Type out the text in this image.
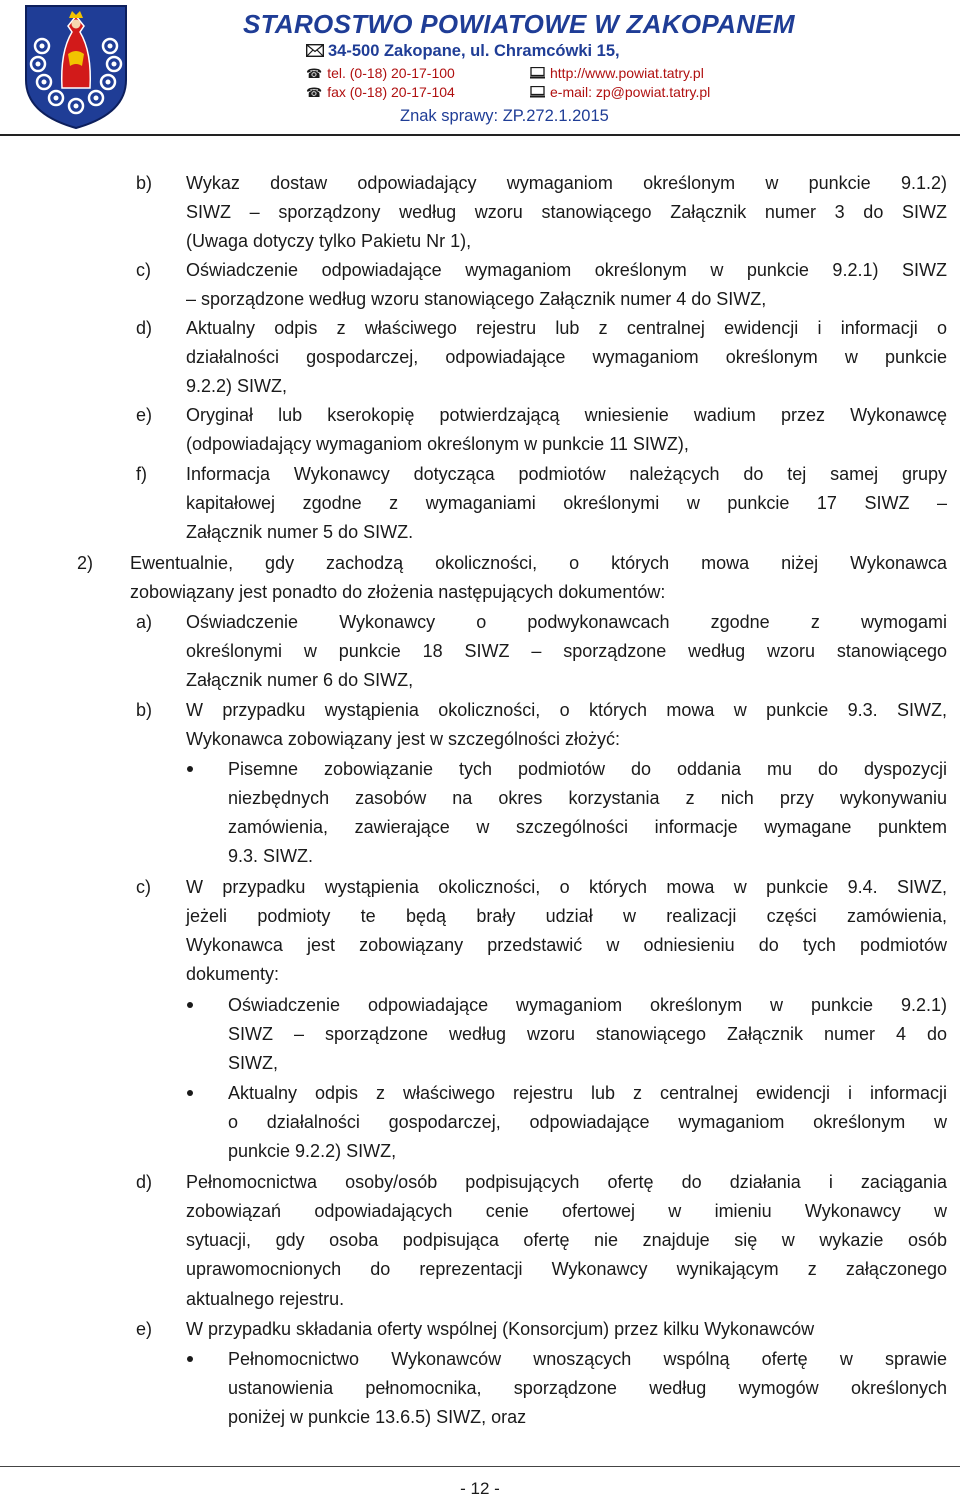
STAROSTWO POWIATOWE W ZAKOPANEM
34-500 Zakopane, ul. Chramcówki 15,
☎ tel. (0-18) 20-17-100
☎ fax (0-18) 20-17-104
http://www.powiat.tatry.pl
e-mail: zp@powiat.tatry.pl
Znak sprawy: ZP.272.1.2015
b) Wykaz dostaw odpowiadający wymaganiom określonym w punkcie 9.1.2)
SIWZ – sporządzony według wzoru stanowiącego Załącznik numer 3 do SIWZ
(Uwaga dotyczy tylko Pakietu Nr 1),
c) Oświadczenie odpowiadające wymaganiom określonym w punkcie 9.2.1) SIWZ
– sporządzone według wzoru stanowiącego Załącznik numer 4 do SIWZ,
d) Aktualny odpis z właściwego rejestru lub z centralnej ewidencji i informacji o
działalności gospodarczej, odpowiadające wymaganiom określonym w punkcie
9.2.2) SIWZ,
e) Oryginał lub kserokopię potwierdzającą wniesienie wadium przez Wykonawcę
(odpowiadający wymaganiom określonym w punkcie 11 SIWZ),
f) Informacja Wykonawcy dotycząca podmiotów należących do tej samej grupy
kapitałowej zgodne z wymaganiami określonymi w punkcie 17 SIWZ –
Załącznik numer 5 do SIWZ.
2) Ewentualnie, gdy zachodzą okoliczności, o których mowa niżej Wykonawca
zobowiązany jest ponadto do złożenia następujących dokumentów:
a) Oświadczenie Wykonawcy o podwykonawcach zgodne z wymogami
określonymi w punkcie 18 SIWZ – sporządzone według wzoru stanowiącego
Załącznik numer 6 do SIWZ,
b) W przypadku wystąpienia okoliczności, o których mowa w punkcie 9.3. SIWZ,
Wykonawca zobowiązany jest w szczególności złożyć:
Pisemne zobowiązanie tych podmiotów do oddania mu do dyspozycji
niezbędnych zasobów na okres korzystania z nich przy wykonywaniu
zamówienia, zawierające w szczególności informacje wymagane punktem
9.3. SIWZ.
c) W przypadku wystąpienia okoliczności, o których mowa w punkcie 9.4. SIWZ,
jeżeli podmioty te będą brały udział w realizacji części zamówienia,
Wykonawca jest zobowiązany przedstawić w odniesieniu do tych podmiotów
dokumenty:
Oświadczenie odpowiadające wymaganiom określonym w punkcie 9.2.1)
SIWZ – sporządzone według wzoru stanowiącego Załącznik numer 4 do
SIWZ,
Aktualny odpis z właściwego rejestru lub z centralnej ewidencji i informacji
o działalności gospodarczej, odpowiadające wymaganiom określonym w
punkcie 9.2.2) SIWZ,
d) Pełnomocnictwa osoby/osób podpisujących ofertę do działania i zaciągania
zobowiązań odpowiadających cenie ofertowej w imieniu Wykonawcy w
sytuacji, gdy osoba podpisująca ofertę nie znajduje się w wykazie osób
uprawomocnionych do reprezentacji Wykonawcy wynikającym z załączonego
aktualnego rejestru.
e) W przypadku składania oferty wspólnej (Konsorcjum) przez kilku Wykonawców
Pełnomocnictwo Wykonawców wnoszących wspólną ofertę w sprawie
ustanowienia pełnomocnika, sporządzone według wymogów określonych
poniżej w punkcie 13.6.5) SIWZ, oraz
- 12 -
